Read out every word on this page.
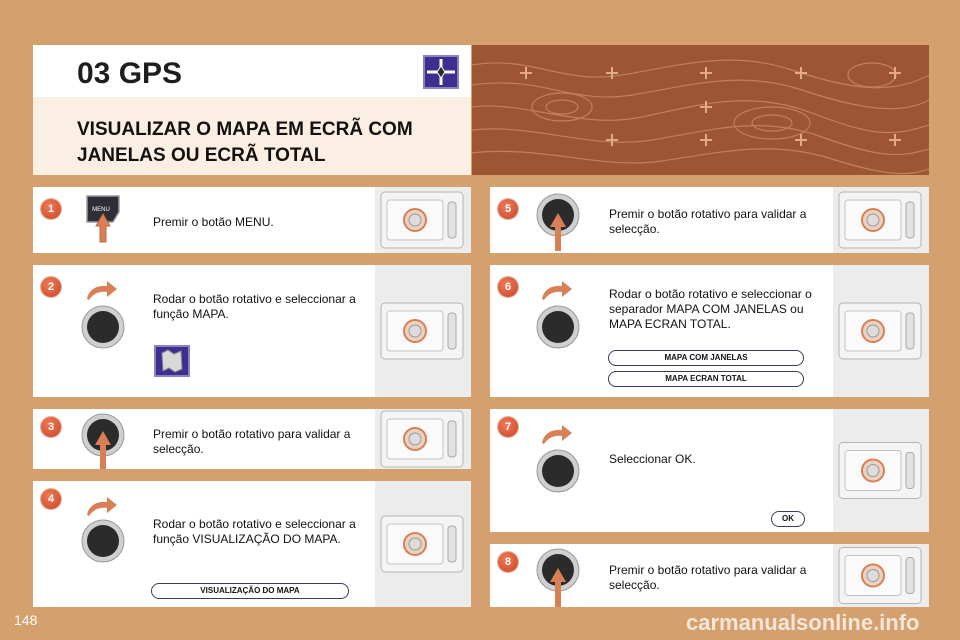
03 GPS
VISUALIZAR O MAPA EM ECRÃ COM JANELAS OU ECRÃ TOTAL
1	MENU
Premir o botão MENU.
2
Rodar o botão rotativo e seleccionar a função MAPA.
3	Premir o botão rotativo para validar a selecção.
4
Rodar o botão rotativo e seleccionar a função VISUALIZAÇÃO DO MAPA.
VISUALIZAÇÃO DO MAPA
5	Premir o botão rotativo para validar a selecção.
6	Rodar o botão rotativo e seleccionar o separador MAPA COM JANELAS ou MAPA ECRAN TOTAL.
MAPA COM JANELAS
MAPA ECRAN TOTAL
7
Seleccionar OK.
OK
8
Premir o botão rotativo para validar a selecção.
148	carmanualsonline.info
